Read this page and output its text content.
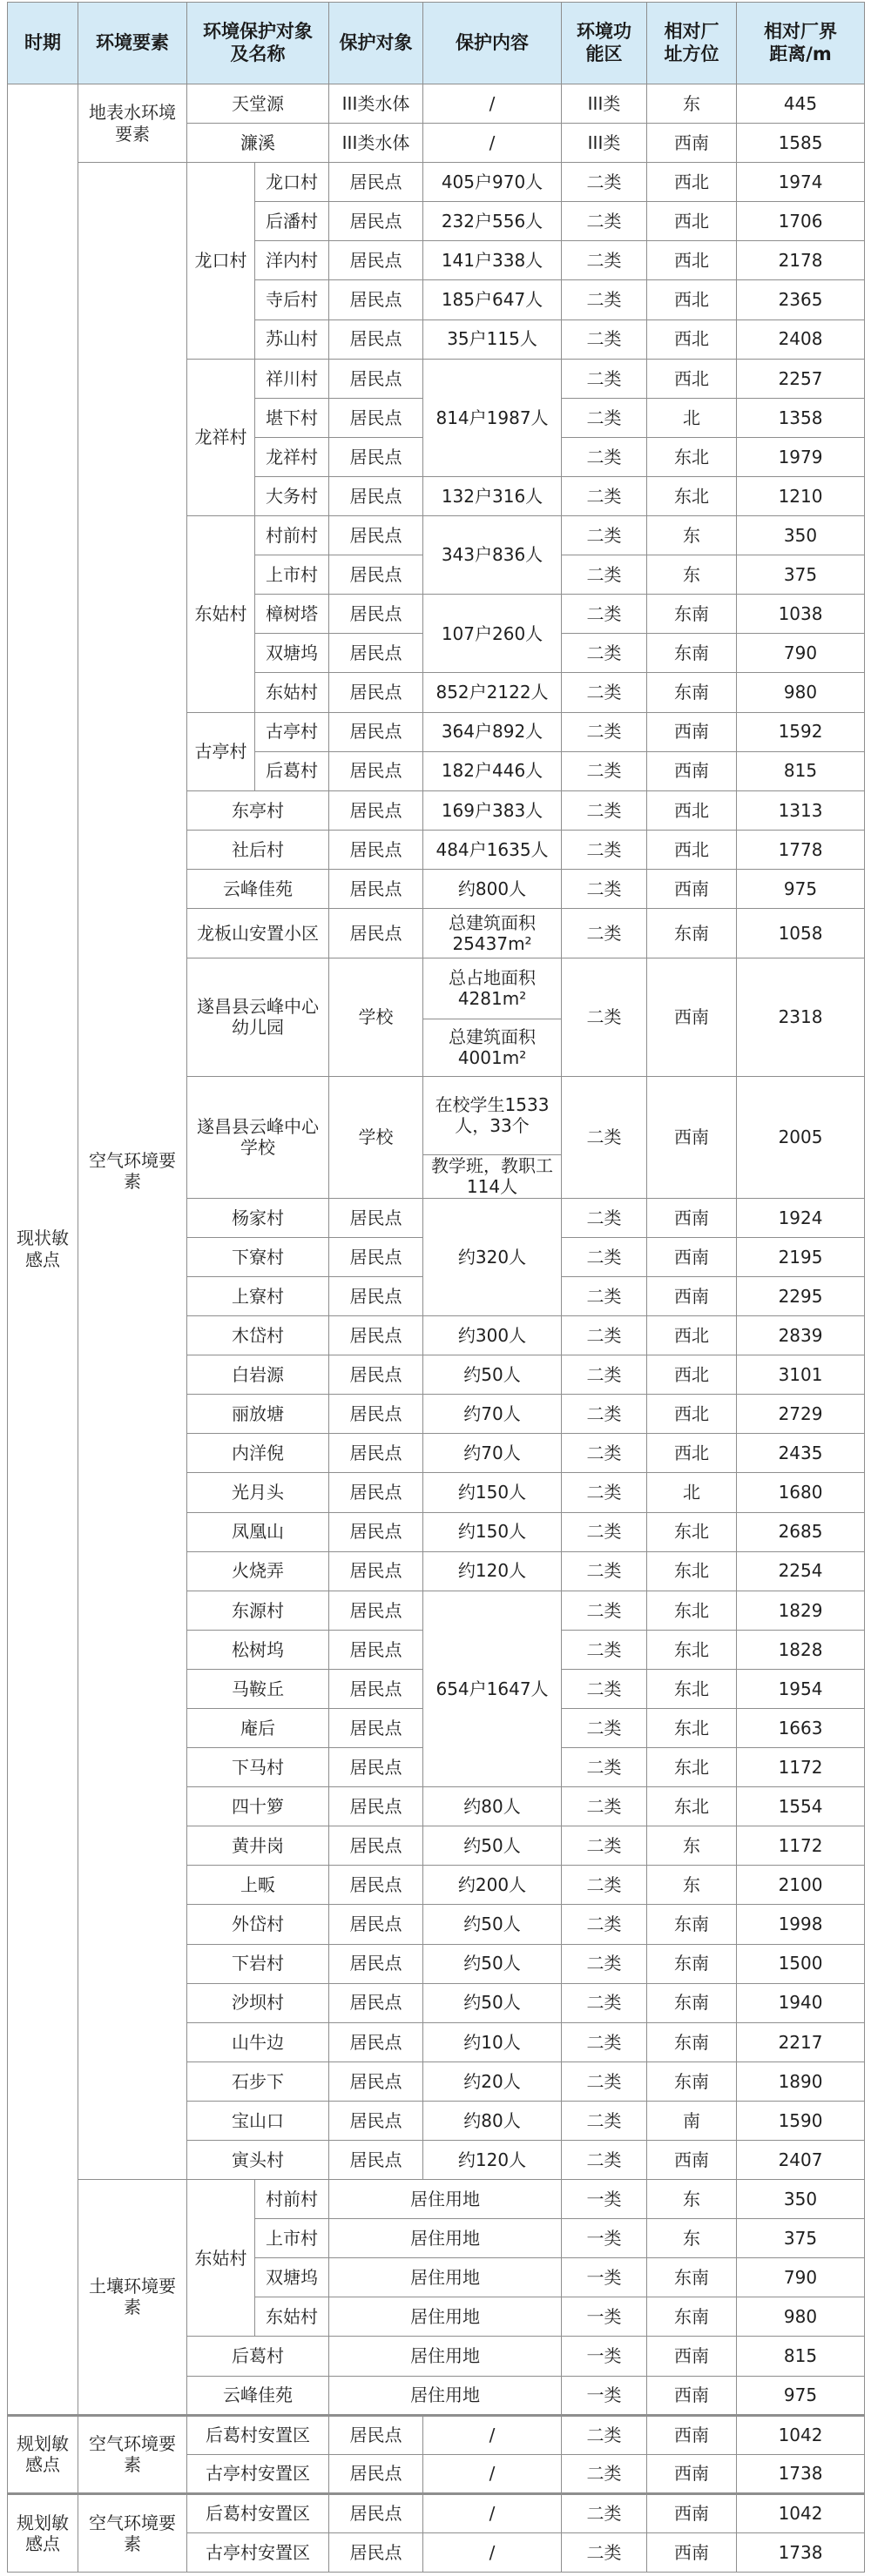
时期	环境要素	环境保护对象及名称		保护对象	保护内容	环境功能区	相对厂址方位	相对厂界距离/m
现状敏感点	地表水环境要素	天堂源		III类水体	/	III类	东	445
		濂溪		III类水体	/	III类	西南	1585
	空气环境要素	龙口村	龙口村	居民点	405户970人	二类	西北	1974
			后潘村	居民点	232户556人	二类	西北	1706
			洋内村	居民点	141户338人	二类	西北	2178
			寺后村	居民点	185户647人	二类	西北	2365
			苏山村	居民点	35户115人	二类	西北	2408
		龙祥村	祥川村	居民点	814户1987人	二类	西北	2257
			堪下村	居民点		二类	北	1358
			龙祥村	居民点		二类	东北	1979
			大务村	居民点	132户316人	二类	东北	1210
		东姑村	村前村	居民点	343户836人	二类	东	350
			上市村	居民点		二类	东	375
			樟树塔	居民点	107户260人	二类	东南	1038
			双塘坞	居民点		二类	东南	790
			东姑村	居民点	852户2122人	二类	东南	980
		古亭村	古亭村	居民点	364户892人	二类	西南	1592
			后葛村	居民点	182户446人	二类	西南	815
		东亭村		居民点	169户383人	二类	西北	1313
		社后村		居民点	484户1635人	二类	西北	1778
		云峰佳苑		居民点	约800人	二类	西南	975
		龙板山安置小区		居民点	总建筑面积25437m²	二类	东南	1058
		遂昌县云峰中心幼儿园		学校	总占地面积4281m²	二类	西南	2318
					总建筑面积4001m²			
		遂昌县云峰中心学校		学校	在校学生1533人，33个	二类	西南	2005
					教学班，教职工114人			
		杨家村		居民点	约320人	二类	西南	1924
		下寮村		居民点		二类	西南	2195
		上寮村		居民点		二类	西南	2295
		木岱村		居民点	约300人	二类	西北	2839
		白岩源		居民点	约50人	二类	西北	3101
		丽放塘		居民点	约70人	二类	西北	2729
		内洋倪		居民点	约70人	二类	西北	2435
		光月头		居民点	约150人	二类	北	1680
		凤凰山		居民点	约150人	二类	东北	2685
		火烧弄		居民点	约120人	二类	东北	2254
		东源村		居民点	654户1647人	二类	东北	1829
		松树坞		居民点		二类	东北	1828
		马鞍丘		居民点		二类	东北	1954
		庵后		居民点		二类	东北	1663
		下马村		居民点		二类	东北	1172
		四十箩		居民点	约80人	二类	东北	1554
		黄井岗		居民点	约50人	二类	东	1172
		上畈		居民点	约200人	二类	东	2100
		外岱村		居民点	约50人	二类	东南	1998
		下岩村		居民点	约50人	二类	东南	1500
		沙坝村		居民点	约50人	二类	东南	1940
		山牛边		居民点	约10人	二类	东南	2217
		石步下		居民点	约20人	二类	东南	1890
		宝山口		居民点	约80人	二类	南	1590
		寅头村		居民点	约120人	二类	西南	2407
	土壤环境要素	东姑村	村前村	居住用地		一类	东	350
			上市村	居住用地		一类	东	375
			双塘坞	居住用地		一类	东南	790
			东姑村	居住用地		一类	东南	980
		后葛村		居住用地		一类	西南	815
		云峰佳苑		居住用地		一类	西南	975
规划敏感点	空气环境要素	后葛村安置区		居民点	/	二类	西南	1042
		古亭村安置区		居民点	/	二类	西南	1738
规划敏感点	空气环境要素	后葛村安置区		居民点	/	二类	西南	1042
		古亭村安置区		居民点	/	二类	西南	1738
